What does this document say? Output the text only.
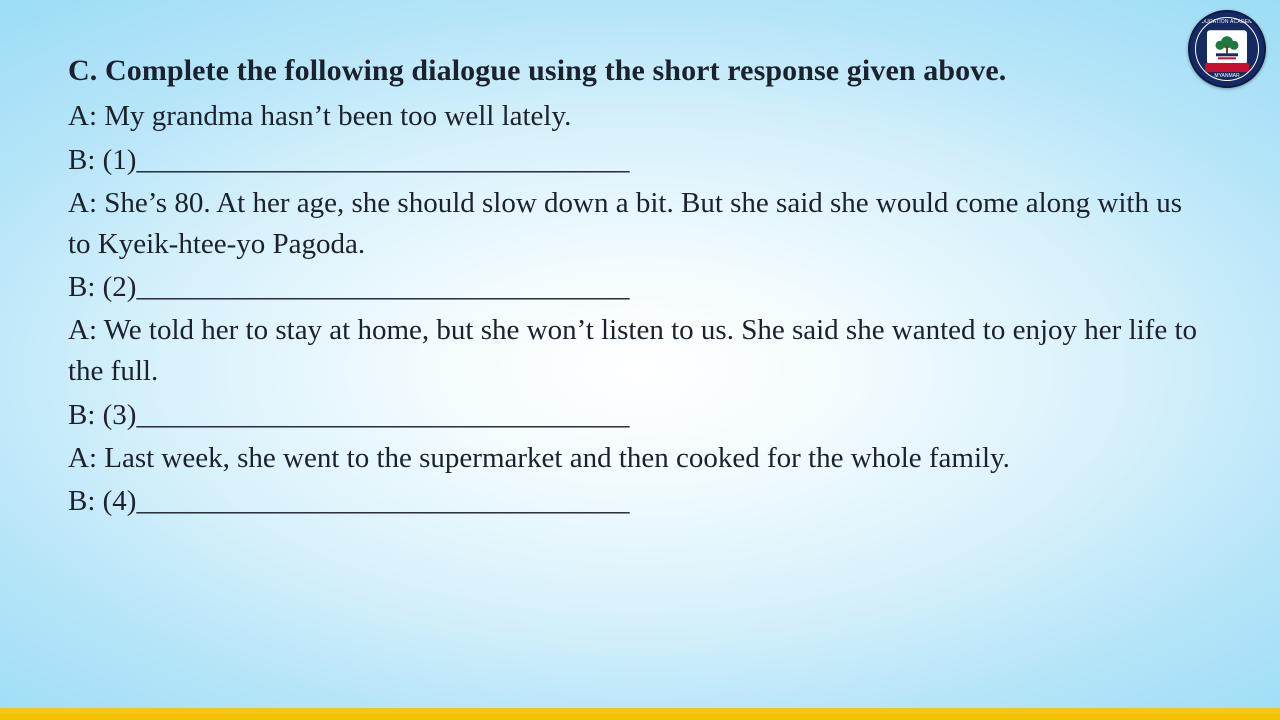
C. Complete the following dialogue using the short response given above.

A: My grandma hasn’t been too well lately.

B: (1)__________________________________

A: She’s 80. At her age, she should slow down a bit. But she said she would come along with us to Kyeik-htee-yo Pagoda.

B: (2)__________________________________

A: We told her to stay at home, but she won’t listen to us. She said she wanted to enjoy her life to the full.

B: (3)__________________________________

A: Last week, she went to the supermarket and then cooked for the whole family.

B: (4)__________________________________

EDUCATION ACADEMY
MYANMAR
